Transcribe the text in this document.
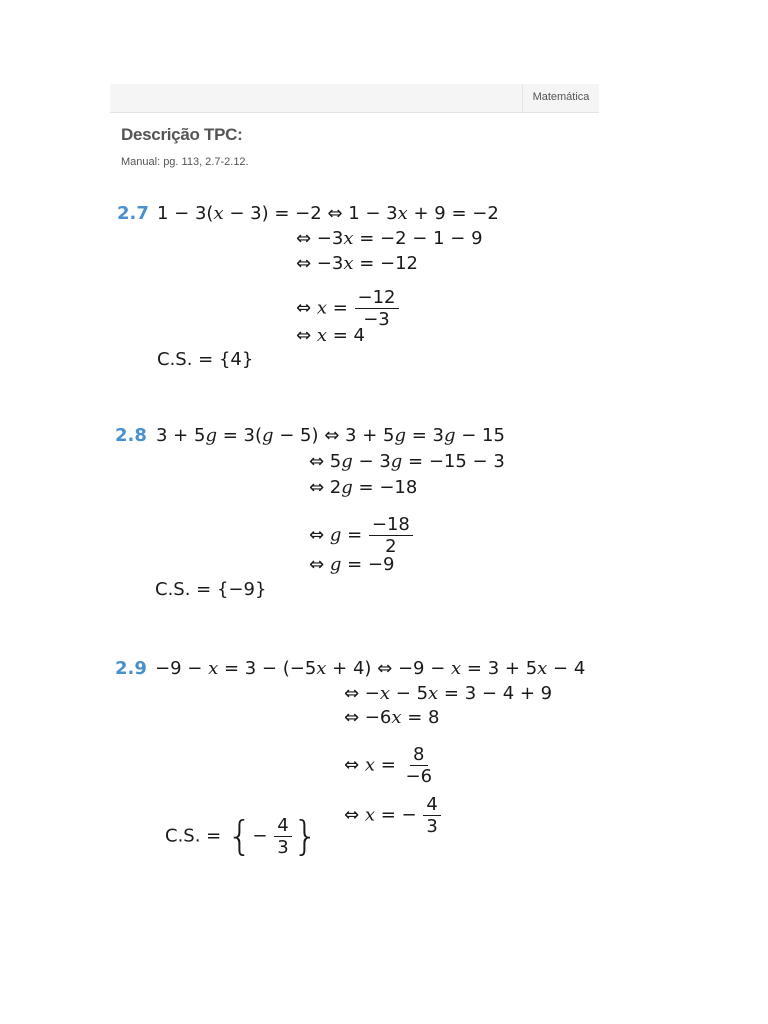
Matemática
Descrição TPC:
Manual: pg. 113, 2.7-2.12.
2.7 1 − 3(x − 3) = −2 ⇔ 1 − 3x + 9 = −2
⇔ −3x = −2 − 1 − 9
⇔ −3x = −12
⇔ $x = \frac{-12}{-3}$
⇔ x = 4
C.S. = {4}
2.8 3 + 5g = 3(g − 5) ⇔ 3 + 5g = 3g − 15
⇔ 5g − 3g = −15 − 3
⇔ 2g = −18
⇔ $g = \frac{-18}{2}$
⇔ g = −9
C.S. = {−9}
2.9 −9 − x = 3 − (−5x + 4) ⇔ −9 − x = 3 + 5x − 4
⇔ −x − 5x = 3 − 4 + 9
⇔ −6x = 8
⇔ $x = \frac{8}{-6}$
⇔ x = − $\frac{4}{3}$
C.S. = {− $\frac{4}{3}$ }
